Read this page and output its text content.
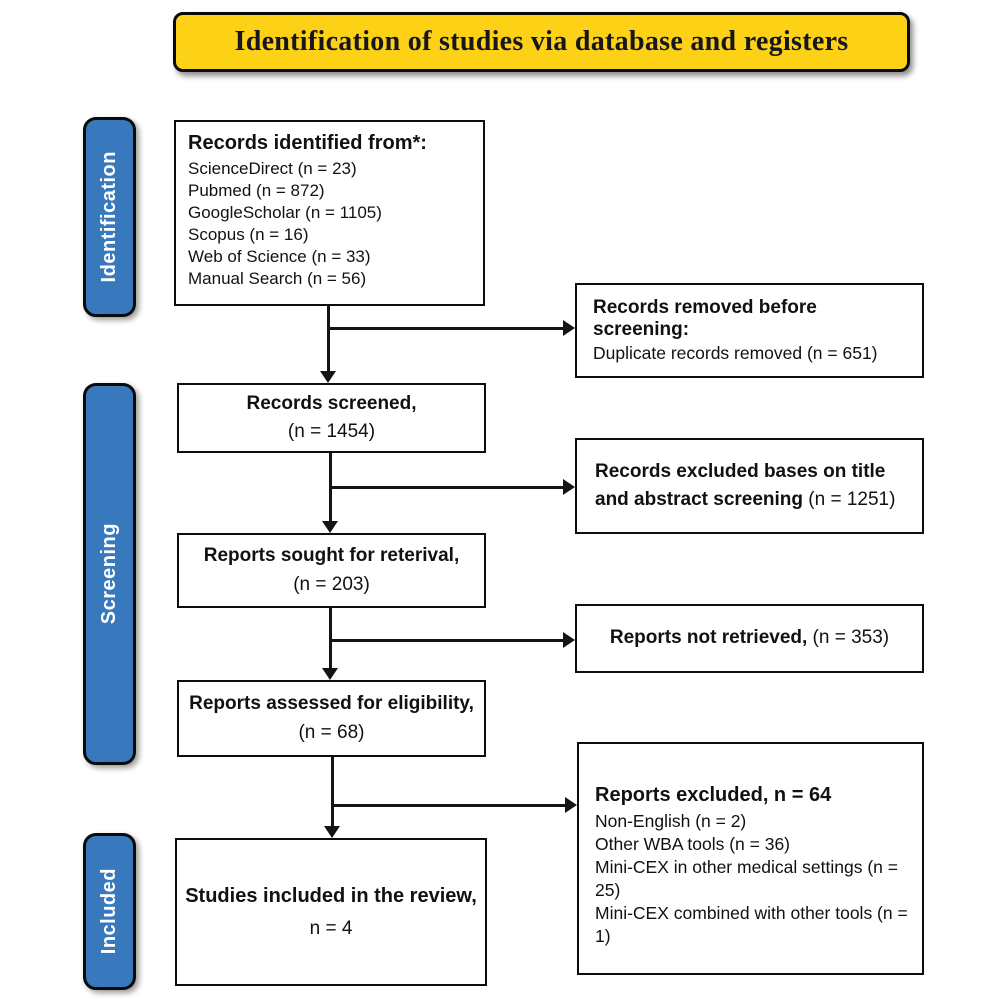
Identification of studies via database and registers
Identification
Screening
Included
Records identified from*:
ScienceDirect (n = 23)
Pubmed (n = 872)
GoogleScholar (n = 1105)
Scopus (n = 16)
Web of Science (n = 33)
Manual Search (n = 56)
Records removed before screening:
Duplicate records removed (n = 651)
Records screened,
(n = 1454)

Records excluded bases on title and abstract screening (n = 1251)

Reports sought for reterival,
(n = 203)

Reports not retrieved, (n = 353)

Reports assessed for eligibility,
(n = 68)
Reports excluded, n = 64
Non-English (n = 2)
Other WBA tools (n = 36)
Mini-CEX in other medical settings (n = 25)
Mini-CEX combined with other tools (n = 1)
Studies included in the review,
n = 4
